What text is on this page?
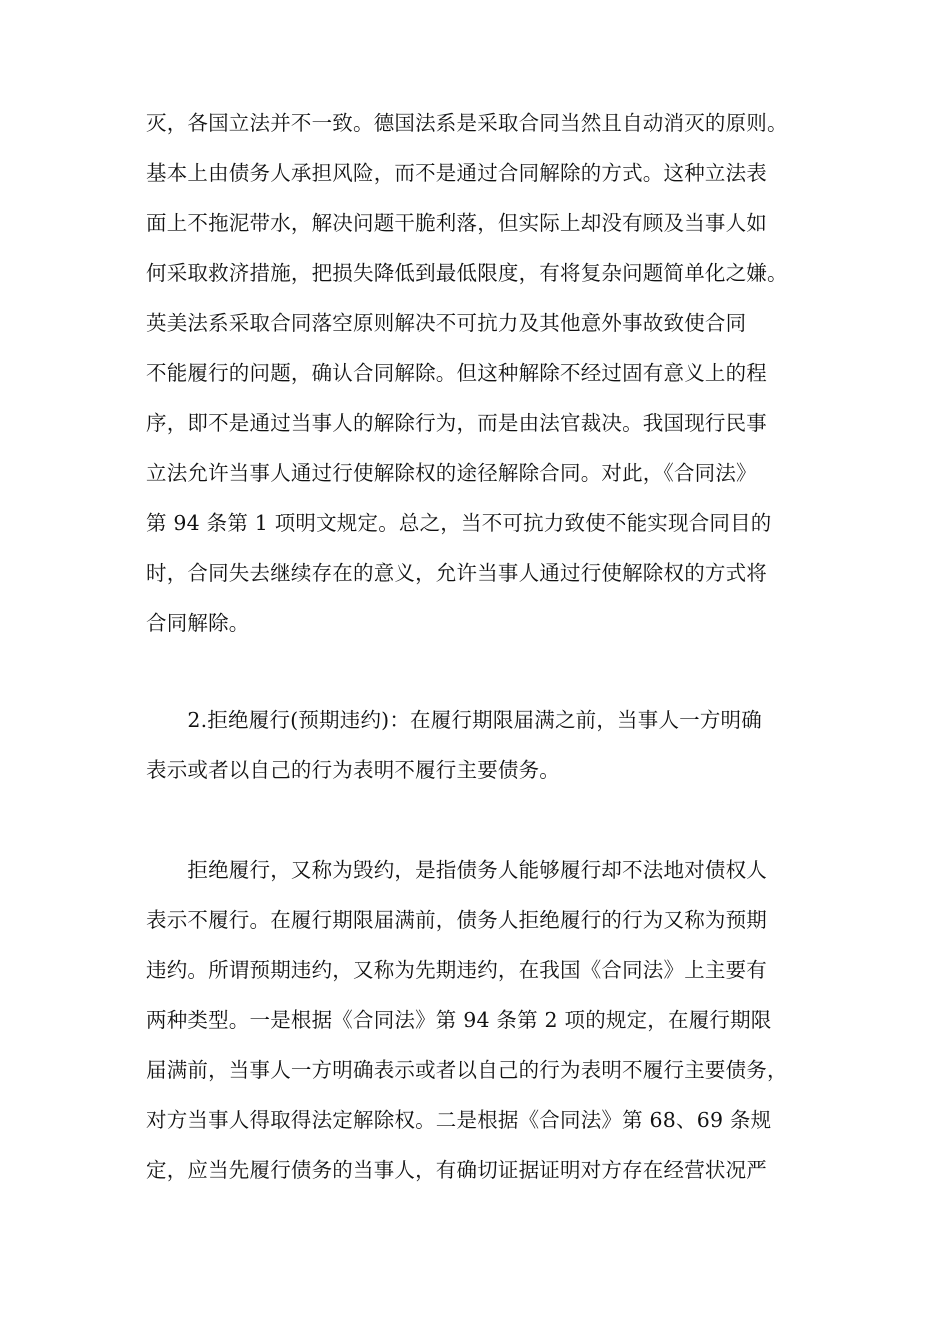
灭，各国立法并不一致。德国法系是采取合同当然且自动消灭的原则。
基本上由债务人承担风险，而不是通过合同解除的方式。这种立法表
面上不拖泥带水，解决问题干脆利落，但实际上却没有顾及当事人如
何采取救济措施，把损失降低到最低限度，有将复杂问题简单化之嫌。
英美法系采取合同落空原则解决不可抗力及其他意外事故致使合同
不能履行的问题，确认合同解除。但这种解除不经过固有意义上的程
序，即不是通过当事人的解除行为，而是由法官裁决。我国现行民事
立法允许当事人通过行使解除权的途径解除合同。对此，《合同法》
第 94 条第 1 项明文规定。总之，当不可抗力致使不能实现合同目的
时，合同失去继续存在的意义，允许当事人通过行使解除权的方式将
合同解除。
　　2.拒绝履行(预期违约)：在履行期限届满之前，当事人一方明确
表示或者以自己的行为表明不履行主要债务。
　　拒绝履行，又称为毁约，是指债务人能够履行却不法地对债权人
表示不履行。在履行期限届满前，债务人拒绝履行的行为又称为预期
违约。所谓预期违约，又称为先期违约，在我国《合同法》上主要有
两种类型。一是根据《合同法》第 94 条第 2 项的规定，在履行期限
届满前，当事人一方明确表示或者以自己的行为表明不履行主要债务，
对方当事人得取得法定解除权。二是根据《合同法》第 68、69 条规
定，应当先履行债务的当事人，有确切证据证明对方存在经营状况严
